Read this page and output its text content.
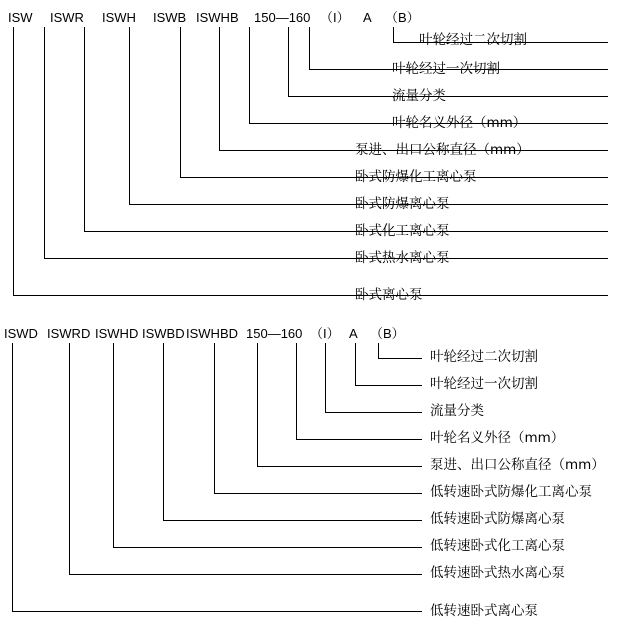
ISW ISWR ISWH ISWB ISWHB 150—160 （I） A （B）
叶轮经过二次切割
叶轮经过一次切割
流量分类
叶轮名义外径（mm）
泵进、出口公称直径（mm）
卧式防爆化工离心泵
卧式防爆离心泵
卧式化工离心泵
卧式热水离心泵
卧式离心泵
ISWD ISWRD ISWHD ISWBD ISWHBD 150—160 （I） A （B）
叶轮经过二次切割
叶轮经过一次切割
流量分类
叶轮名义外径（mm）
泵进、出口公称直径（mm）
低转速卧式防爆化工离心泵
低转速卧式防爆离心泵
低转速卧式化工离心泵
低转速卧式热水离心泵
低转速卧式离心泵
